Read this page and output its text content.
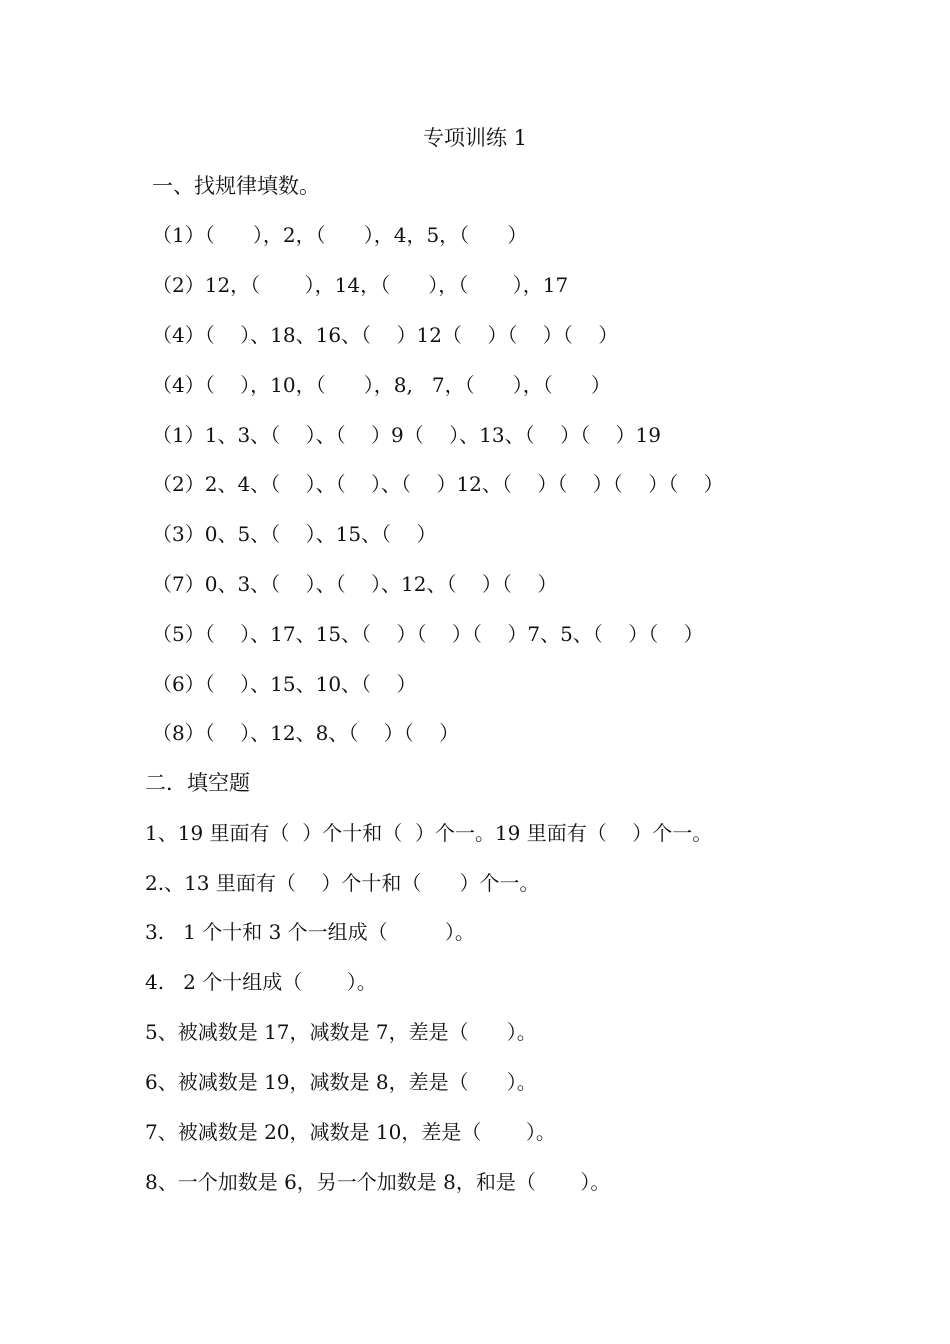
专项训练 1
一、找规律填数。
（1）（      ），2，（      ），4，5，（      ）
（2）12，（       ），14，（      ），（       ），17
（4）（    ）、18、16、（    ）12（    ）（    ）（    ）
（4）（    ），10，（      ），8,   7，（      ），（      ）
（1）1、3、（    ）、（    ）9（    ）、13、（    ）（    ）19
（2）2、4、（    ）、（    ）、（    ）12、（    ）（    ）（    ）（    ）
（3）0、5、（    ）、15、（    ）
（7）0、3、（    ）、（    ）、12、（    ）（    ）
（5）（    ）、17、15、（    ）（    ）（    ）7、5、（    ）（    ）
（6）（    ）、15、10、（    ）
（8）（    ）、12、8、（    ）（    ）
二．填空题
1、19 里面有（  ）个十和（  ）个一。19 里面有（    ）个一。
2.、13 里面有（    ）个十和（      ）个一。
3.   1 个十和 3 个一组成（         ）。
4.   2 个十组成（       ）。
5、被减数是 17，减数是 7，差是（      ）。
6、被减数是 19，减数是 8，差是（      ）。
7、被减数是 20，减数是 10，差是（       ）。
8、一个加数是 6，另一个加数是 8，和是（       ）。
